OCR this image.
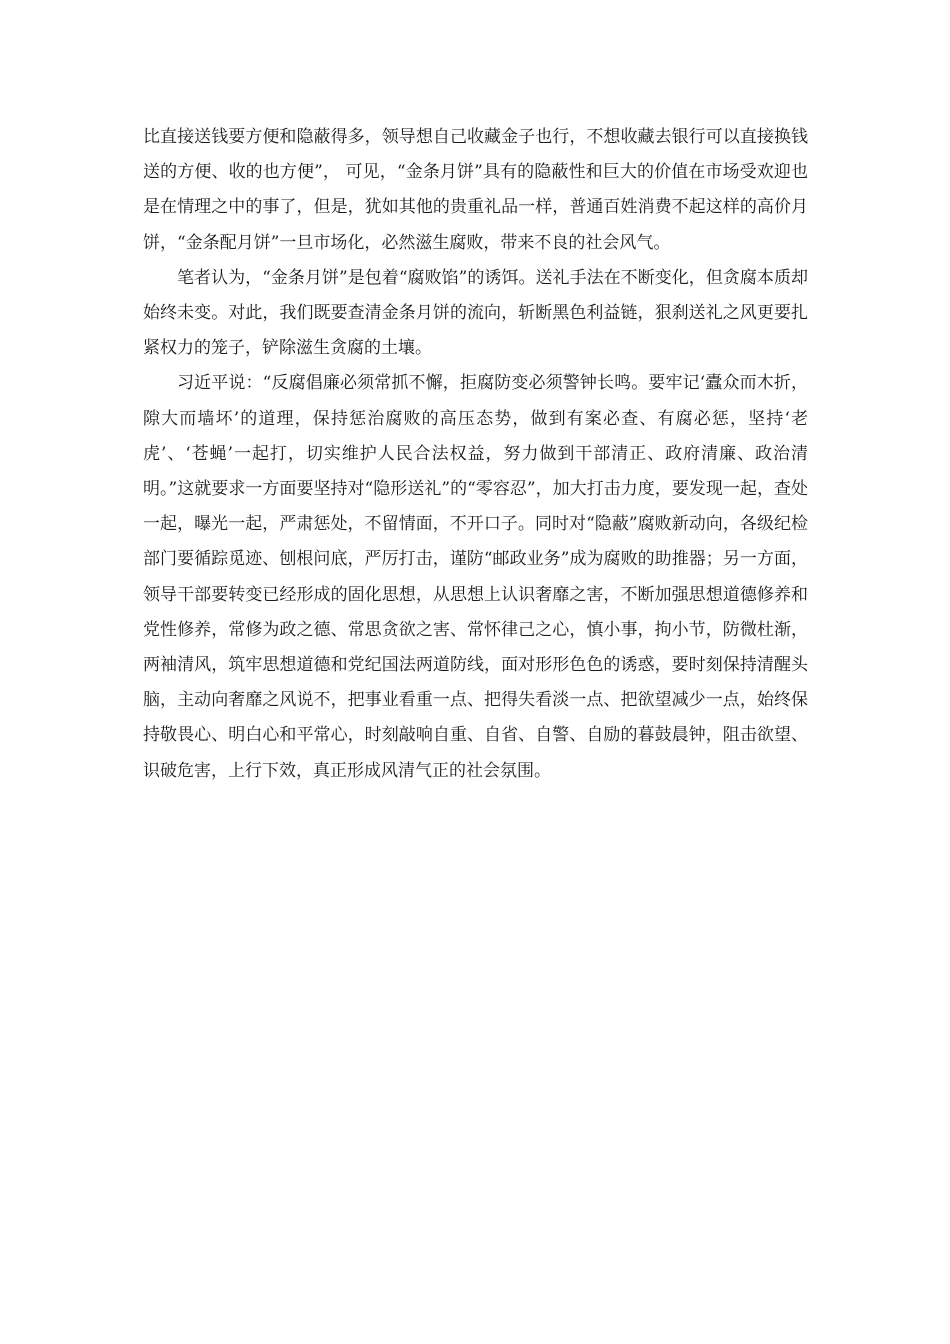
比直接送钱要方便和隐蔽得多，领导想自己收藏金子也行，不想收藏去银行可以直接换钱送的方便、收的也方便”， 可见，“金条月饼”具有的隐蔽性和巨大的价值在市场受欢迎也是在情理之中的事了，但是，犹如其他的贵重礼品一样，普通百姓消费不起这样的高价月饼，“金条配月饼”一旦市场化，必然滋生腐败，带来不良的社会风气。

笔者认为，“金条月饼”是包着“腐败馅”的诱饵。送礼手法在不断变化，但贪腐本质却始终未变。对此，我们既要查清金条月饼的流向，斩断黑色利益链，狠刹送礼之风更要扎紧权力的笼子，铲除滋生贪腐的土壤。

习近平说：“反腐倡廉必须常抓不懈，拒腐防变必须警钟长鸣。要牢记‘蠹众而木折，隙大而墙坏’的道理，保持惩治腐败的高压态势，做到有案必查、有腐必惩，坚持‘老虎’、‘苍蝇’一起打，切实维护人民合法权益，努力做到干部清正、政府清廉、政治清明。”这就要求一方面要坚持对“隐形送礼”的“零容忍”，加大打击力度，要发现一起，查处一起，曝光一起，严肃惩处，不留情面，不开口子。同时对“隐蔽”腐败新动向，各级纪检部门要循踪觅迹、刨根问底，严厉打击，谨防“邮政业务”成为腐败的助推器；另一方面，领导干部要转变已经形成的固化思想，从思想上认识奢靡之害，不断加强思想道德修养和党性修养，常修为政之德、常思贪欲之害、常怀律己之心，慎小事，拘小节，防微杜渐，两袖清风，筑牢思想道德和党纪国法两道防线，面对形形色色的诱惑，要时刻保持清醒头脑，主动向奢靡之风说不，把事业看重一点、把得失看淡一点、把欲望减少一点，始终保持敬畏心、明白心和平常心，时刻敲响自重、自省、自警、自励的暮鼓晨钟，阻击欲望、识破危害，上行下效，真正形成风清气正的社会氛围。
